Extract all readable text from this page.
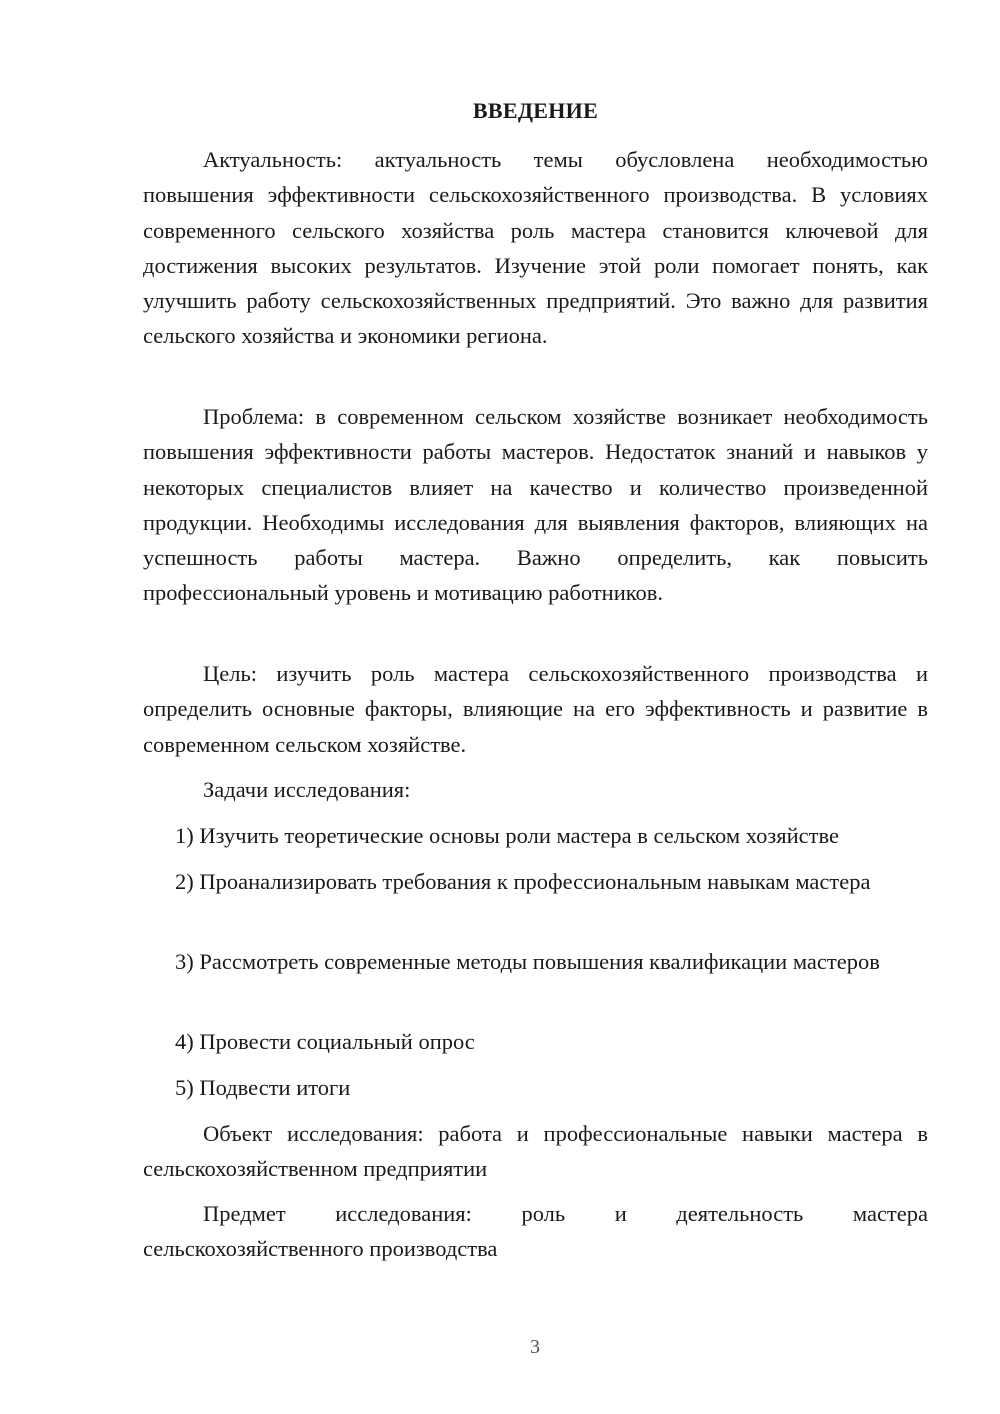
ВВЕДЕНИЕ

Актуальность: актуальность темы обусловлена необходимостью повышения эффективности сельскохозяйственного производства. В условиях современного сельского хозяйства роль мастера становится ключевой для достижения высоких результатов. Изучение этой роли помогает понять, как улучшить работу сельскохозяйственных предприятий. Это важно для развития сельского хозяйства и экономики региона.

Проблема: в современном сельском хозяйстве возникает необходимость повышения эффективности работы мастеров. Недостаток знаний и навыков у некоторых специалистов влияет на качество и количество произведенной продукции. Необходимы исследования для выявления факторов, влияющих на успешность работы мастера. Важно определить, как повысить профессиональный уровень и мотивацию работников.

Цель: изучить роль мастера сельскохозяйственного производства и определить основные факторы, влияющие на его эффективность и развитие в современном сельском хозяйстве.

Задачи исследования:

1) Изучить теоретические основы роли мастера в сельском хозяйстве

2) Проанализировать требования к профессиональным навыкам мастера

3) Рассмотреть современные методы повышения квалификации мастеров

4) Провести социальный опрос

5) Подвести итоги

Объект исследования: работа и профессиональные навыки мастера в сельскохозяйственном предприятии

Предмет исследования: роль и деятельность мастера сельскохозяйственного производства

3
